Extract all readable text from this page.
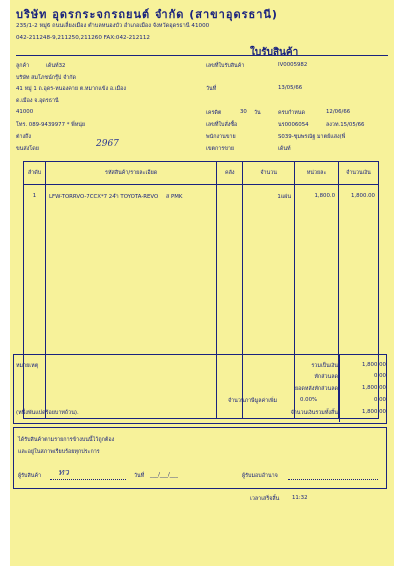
บริษัท อุดรกระจกรถยนต์ จำกัด (สาขาอุดรธานี)
235/1-2 หมู่6 ถนนเลี่ยงเมือง ตำบลหนองบัว อำเภอเมือง จังหวัดอุดรธานี 41000
042-211248-9,211250,211260 FAX:042-212112
ใบรับสินค้า
ลูกค้า	เด้นท์32
บริษัท สมโภชน์กรุ๊ป จำกัด
41 หมู่ 1 ถ.อุดร-หนองคาย ต.หมากแข้ง อ.เมือง
ด.เมือง จ.อุดรธานี
41000
โทร. 089-9439977 * พี่หนุ่ย
ต่างถึง
ขนส่งโดย	2967
เลขที่ใบรับสินค้า	IV0005982
วันที่	13/05/66
เครดิต	30 วัน	ครบกำหนด	12/06/66
เลขที่ใบสั่งซื้อ	นร0006054	ลงวท.15/05/66
พนักงานขาย	S039-ชุมพรณัฐ มาตย์แสง(พี่
เขตการขาย	เด้นท์
ลำดับ	รหัสสินค้า/รายละเอียด	คลัง	จำนวน	หน่วยละ	จำนวนเงิน
1	LFW-TORRVO-7CCX*7 24ำ TOYOTA-REVO ส PMK		1แผ่น	1,800.0	1,800.00
หมายเหตุ	รวมเป็นเงิน	1,800.00
หักส่วนลด	0.00
ยอดหลังหักส่วนลด	1,800.00
จำนวนภาษีมูลค่าเพิ่ม	0.00%	0.00
(หนึ่งพันแปดร้อยบาทถ้วน).	จำนวนเงินรวมทั้งสิ้น	1,800.00
ได้รับสินค้าตามรายการข้างบนนี้ไว้ถูกต้อง
และอยู่ในสภาพเรียบร้อยทุกประการ
ผู้รับสินค้า ทว	วันที่ ___/___/___	ผู้รับมอบอำนาจ
เวลาเสร็จสิ้น 11:32
